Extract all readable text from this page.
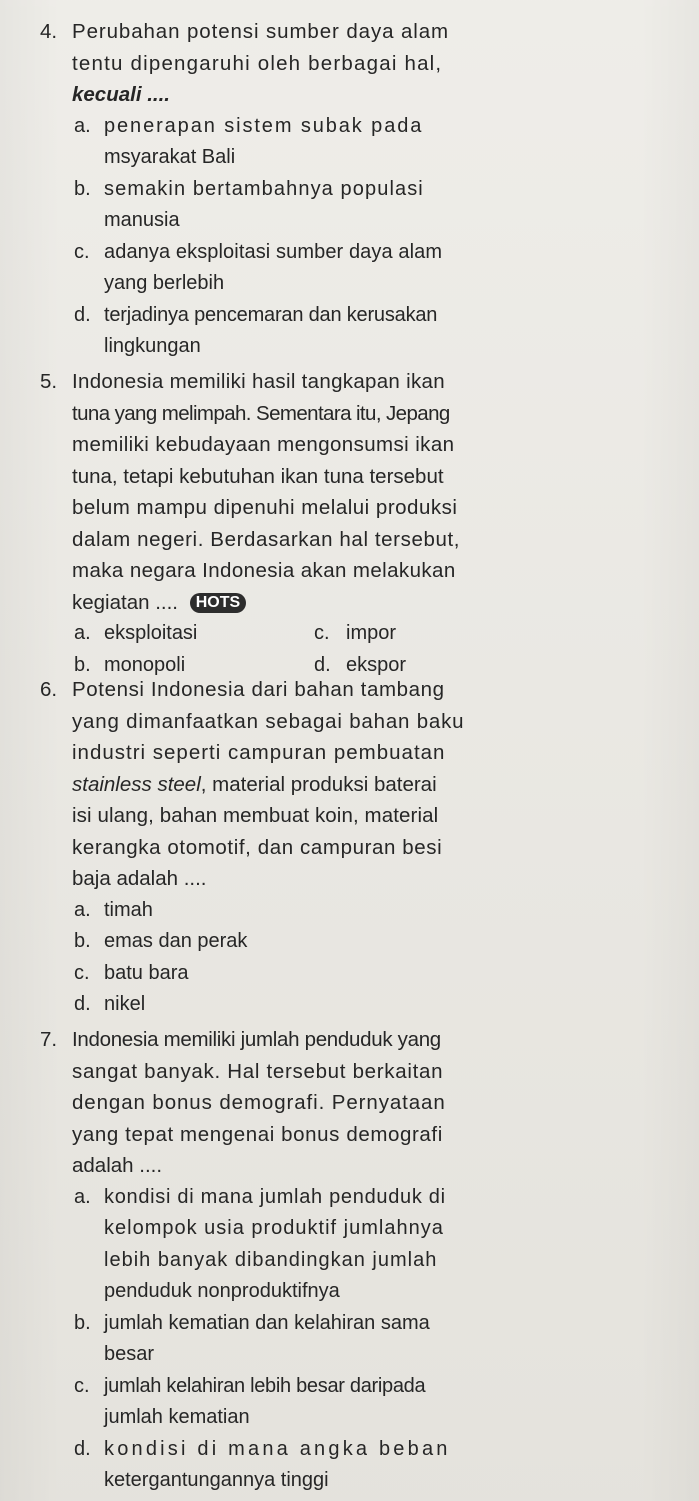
4. Perubahan potensi sumber daya alam
tentu dipengaruhi oleh berbagai hal,
kecuali ....
a. penerapan sistem subak pada
msyarakat Bali
b. semakin bertambahnya populasi
manusia
c. adanya eksploitasi sumber daya alam
yang berlebih
d. terjadinya pencemaran dan kerusakan
lingkungan
5. Indonesia memiliki hasil tangkapan ikan
tuna yang melimpah. Sementara itu, Jepang
memiliki kebudayaan mengonsumsi ikan
tuna, tetapi kebutuhan ikan tuna tersebut
belum mampu dipenuhi melalui produksi
dalam negeri. Berdasarkan hal tersebut,
maka negara Indonesia akan melakukan
kegiatan .... HOTS
a. eksploitasi	c. impor
b. monopoli	d. ekspor
6. Potensi Indonesia dari bahan tambang
yang dimanfaatkan sebagai bahan baku
industri seperti campuran pembuatan
stainless steel, material produksi baterai
isi ulang, bahan membuat koin, material
kerangka otomotif, dan campuran besi
baja adalah ....
a. timah
b. emas dan perak
c. batu bara
d. nikel
7. Indonesia memiliki jumlah penduduk yang
sangat banyak. Hal tersebut berkaitan
dengan bonus demografi. Pernyataan
yang tepat mengenai bonus demografi
adalah ....
a. kondisi di mana jumlah penduduk di
kelompok usia produktif jumlahnya
lebih banyak dibandingkan jumlah
penduduk nonproduktifnya
b. jumlah kematian dan kelahiran sama
besar
c. jumlah kelahiran lebih besar daripada
jumlah kematian
d. kondisi di mana angka beban
ketergantungannya tinggi
